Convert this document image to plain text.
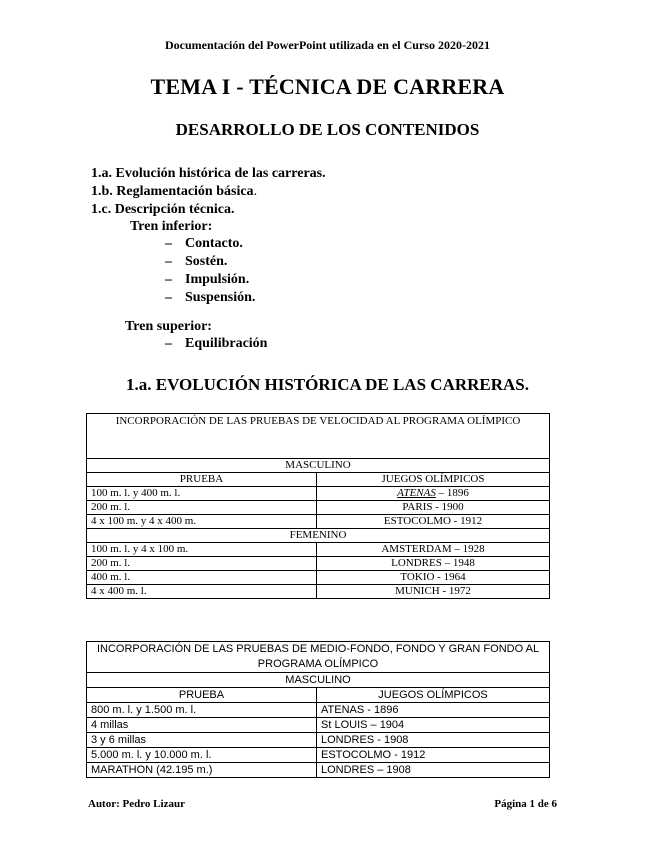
Documentación del PowerPoint utilizada en el Curso 2020-2021
TEMA I - TÉCNICA DE CARRERA
DESARROLLO DE LOS CONTENIDOS
1.a. Evolución histórica de las carreras.
1.b. Reglamentación básica.
1.c. Descripción técnica.
Tren inferior:
– Contacto.
– Sostén.
– Impulsión.
– Suspensión.
Tren superior:
– Equilibración
1.a. EVOLUCIÓN HISTÓRICA DE LAS CARRERAS.
INCORPORACIÓN DE LAS PRUEBAS DE VELOCIDAD AL PROGRAMA OLÍMPICO	
MASCULINO	
PRUEBA	JUEGOS OLÍMPICOS
100 m. l. y 400 m. l.	ATENAS – 1896
200 m. l.	PARIS - 1900
4 x 100 m. y 4 x 400 m.	ESTOCOLMO - 1912
FEMENINO	
100 m. l. y 4 x 100 m.	AMSTERDAM – 1928
200 m. l.	LONDRES – 1948
400 m. l.	TOKIO - 1964
4 x 400 m. l.	MUNICH - 1972
INCORPORACIÓN DE LAS PRUEBAS DE MEDIO-FONDO, FONDO Y GRAN FONDO AL PROGRAMA OLÍMPICO	
MASCULINO	
PRUEBA	JUEGOS OLÍMPICOS
800 m. l. y 1.500 m. l.	ATENAS - 1896
4 millas	St LOUIS – 1904
3 y 6 millas	LONDRES - 1908
5.000 m. l. y 10.000 m. l.	ESTOCOLMO - 1912
MARATHON (42.195 m.)	LONDRES – 1908
Autor: Pedro Lizaur	Página 1 de 6
